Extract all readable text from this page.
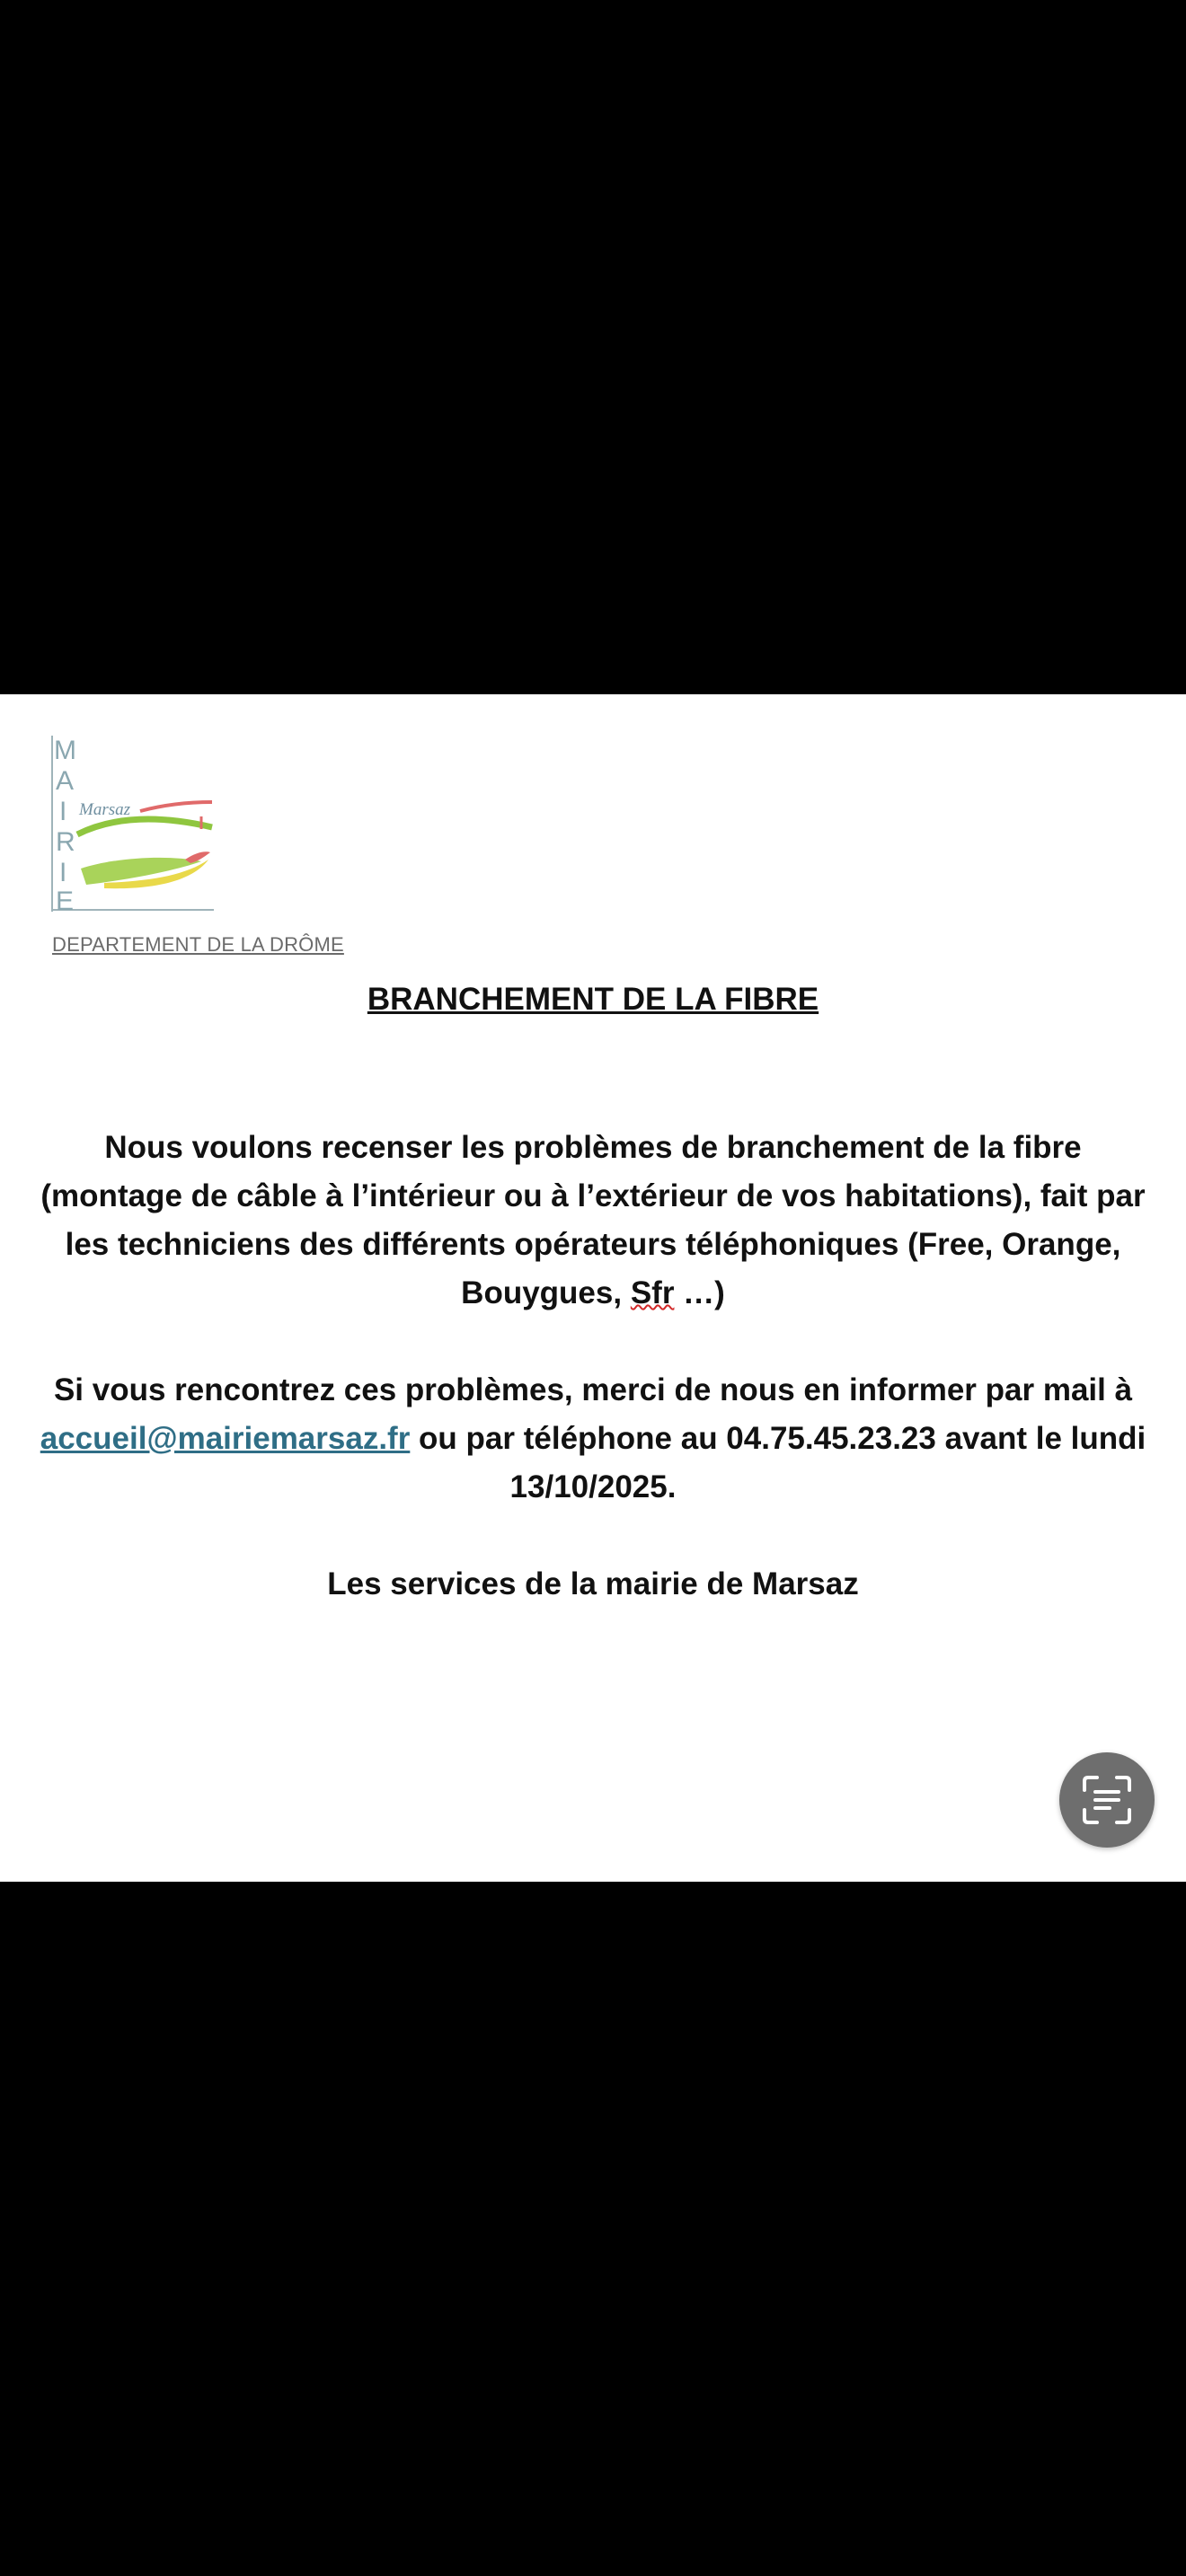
M
A
I
R
I
E
Marsaz
DEPARTEMENT DE LA DRÔME
BRANCHEMENT DE LA FIBRE
Nous voulons recenser les problèmes de branchement de la fibre (montage de câble à l’intérieur ou à l’extérieur de vos habitations), fait par les techniciens des différents opérateurs téléphoniques (Free, Orange, Bouygues, Sfr …)
Si vous rencontrez ces problèmes, merci de nous en informer par mail à accueil@mairiemarsaz.fr ou par téléphone au 04.75.45.23.23 avant le lundi 13/10/2025.
Les services de la mairie de Marsaz
